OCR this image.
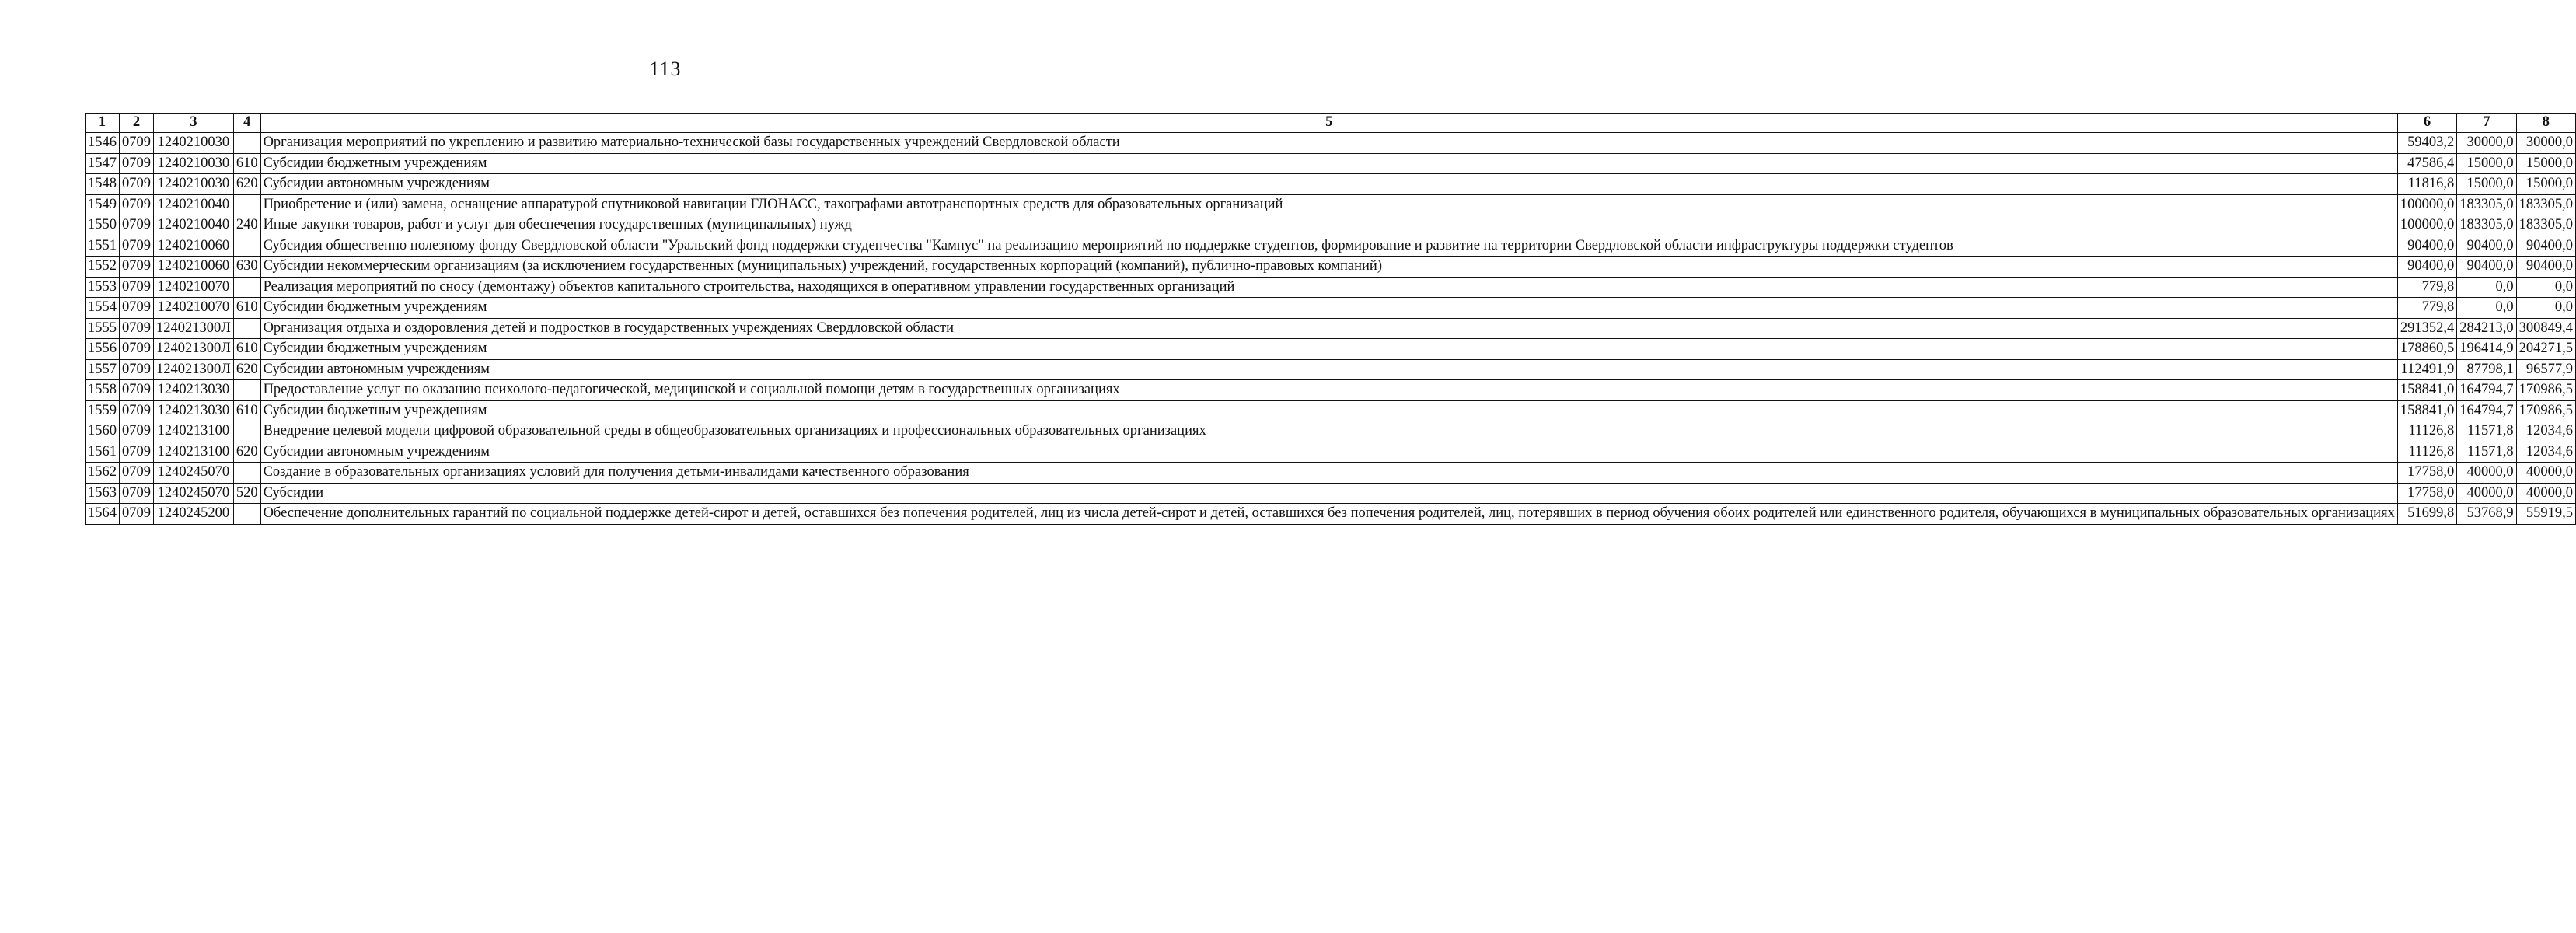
113
1	2	3	4	5	6	7	8
1546	0709	1240210030		Организация мероприятий по укреплению и развитию материально-технической базы государственных учреждений Свердловской области	59403,2	30000,0	30000,0
1547	0709	1240210030	610	Субсидии бюджетным учреждениям	47586,4	15000,0	15000,0
1548	0709	1240210030	620	Субсидии автономным учреждениям	11816,8	15000,0	15000,0
1549	0709	1240210040		Приобретение и (или) замена, оснащение аппаратурой спутниковой навигации ГЛОНАСС, тахографами автотранспортных средств для образовательных организаций	100000,0	183305,0	183305,0
1550	0709	1240210040	240	Иные закупки товаров, работ и услуг для обеспечения государственных (муниципальных) нужд	100000,0	183305,0	183305,0
1551	0709	1240210060		Субсидия общественно полезному фонду Свердловской области "Уральский фонд поддержки студенчества "Кампус" на реализацию мероприятий по поддержке студентов, формирование и развитие на территории Свердловской области инфраструктуры поддержки студентов	90400,0	90400,0	90400,0
1552	0709	1240210060	630	Субсидии некоммерческим организациям (за исключением государственных (муниципальных) учреждений, государственных корпораций (компаний), публично-правовых компаний)	90400,0	90400,0	90400,0
1553	0709	1240210070		Реализация мероприятий по сносу (демонтажу) объектов капитального строительства, находящихся в оперативном управлении государственных организаций	779,8	0,0	0,0
1554	0709	1240210070	610	Субсидии бюджетным учреждениям	779,8	0,0	0,0
1555	0709	124021300Л		Организация отдыха и оздоровления детей и подростков в государственных учреждениях Свердловской области	291352,4	284213,0	300849,4
1556	0709	124021300Л	610	Субсидии бюджетным учреждениям	178860,5	196414,9	204271,5
1557	0709	124021300Л	620	Субсидии автономным учреждениям	112491,9	87798,1	96577,9
1558	0709	1240213030		Предоставление услуг по оказанию психолого-педагогической, медицинской и социальной помощи детям в государственных организациях	158841,0	164794,7	170986,5
1559	0709	1240213030	610	Субсидии бюджетным учреждениям	158841,0	164794,7	170986,5
1560	0709	1240213100		Внедрение целевой модели цифровой образовательной среды в общеобразовательных организациях и профессиональных образовательных организациях	11126,8	11571,8	12034,6
1561	0709	1240213100	620	Субсидии автономным учреждениям	11126,8	11571,8	12034,6
1562	0709	1240245070		Создание в образовательных организациях условий для получения детьми-инвалидами качественного образования	17758,0	40000,0	40000,0
1563	0709	1240245070	520	Субсидии	17758,0	40000,0	40000,0
1564	0709	1240245200		Обеспечение дополнительных гарантий по социальной поддержке детей-сирот и детей, оставшихся без попечения родителей, лиц из числа детей-сирот и детей, оставшихся без попечения родителей, лиц, потерявших в период обучения обоих родителей или единственного родителя, обучающихся в муниципальных образовательных организациях	51699,8	53768,9	55919,5
